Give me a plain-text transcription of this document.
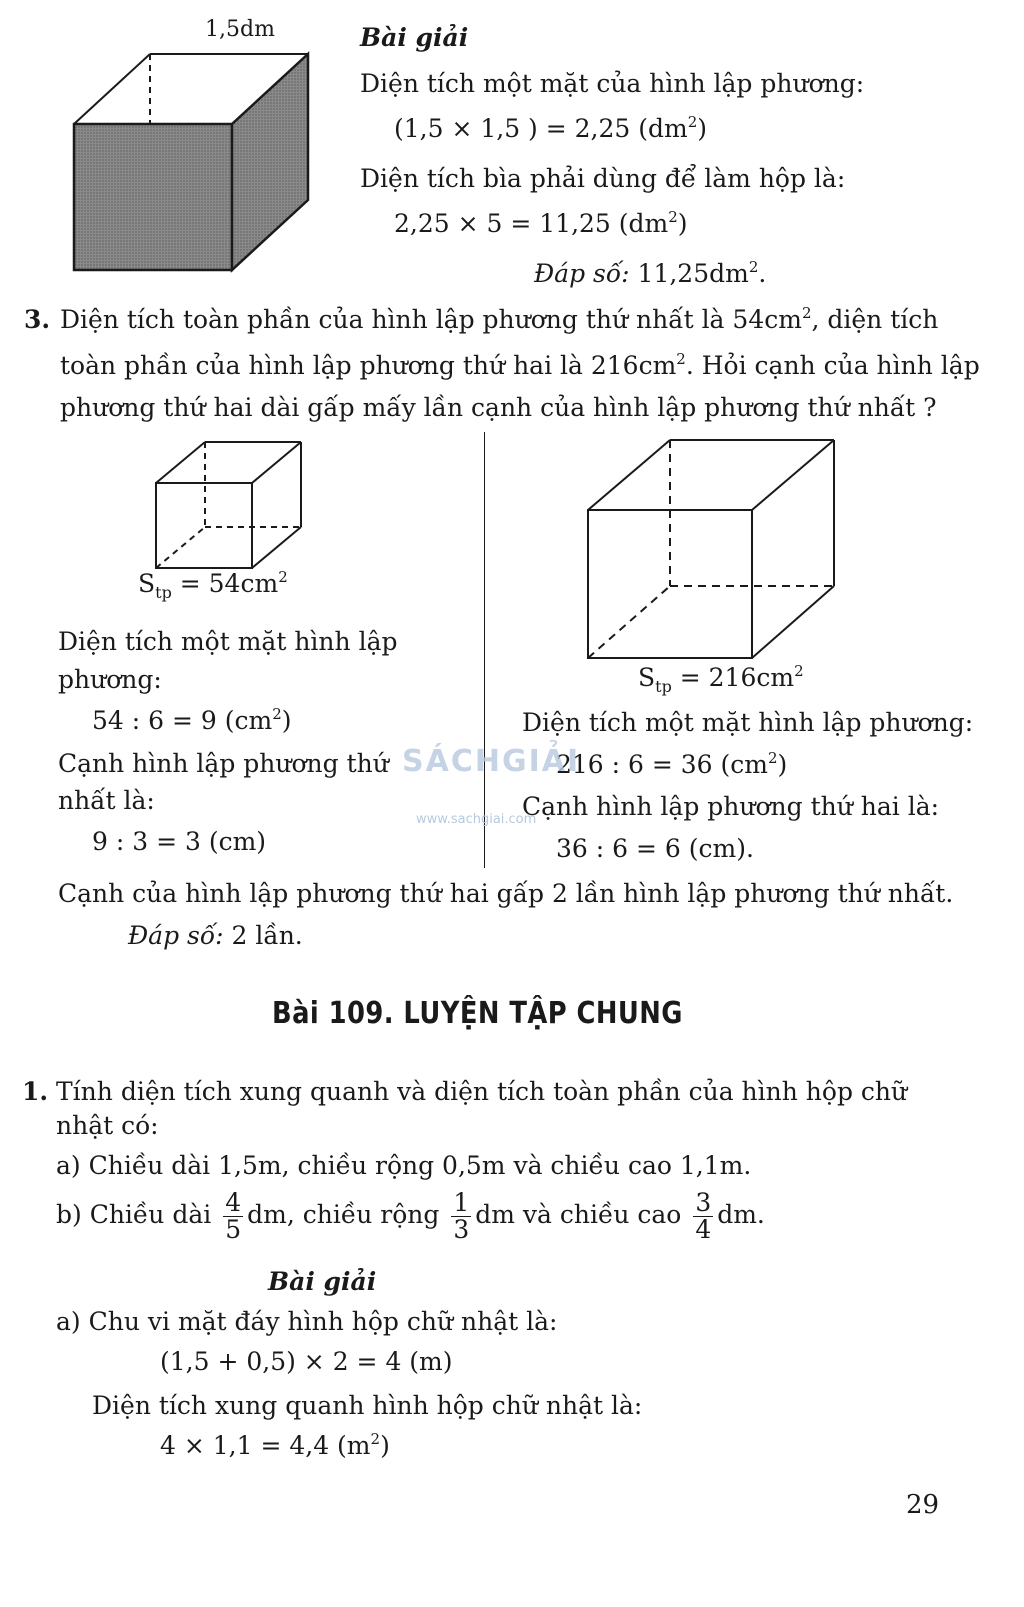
1,5dm	Bài giải
Diện tích một mặt của hình lập phương:
(1,5 × 1,5 ) = 2,25 $(dm^2)$
Diện tích bìa phải dùng để làm hộp là:
2,25 × 5 = 11,25 $(dm^2)$
Đáp số: $11,25dm^2$.
3. Diện tích toàn phần của hình lập phương thứ nhất là $54cm^2$, diện tích
toàn phần của hình lập phương thứ hai là $216cm^2$. Hỏi cạnh của hình lập
phương thứ hai dài gấp mấy lần cạnh của hình lập phương thứ nhất ?
$S_{tp} = 54cm^2$
$S_{tp} = 216cm^2$
Diện tích một mặt hình lập
phương:
54 : 6 = 9 $(cm^2)$
Cạnh hình lập phương thứ
nhất là:
9 : 3 = 3 (cm)
Diện tích một mặt hình lập phương:
216 : 6 = 36 $(cm^2)$
Cạnh hình lập phương thứ hai là:
36 : 6 = 6 (cm).
SÁCHGIẢI
www.sachgiai.com
Cạnh của hình lập phương thứ hai gấp 2 lần hình lập phương thứ nhất.
Đáp số: 2 lần.
Bài 109. LUYỆN TẬP CHUNG
1. Tính diện tích xung quanh và diện tích toàn phần của hình hộp chữ
nhật có:
a) Chiều dài 1,5m, chiều rộng 0,5m và chiều cao 1,1m.
b) Chiều dài $\frac{4}{5}$ dm, chiều rộng $\frac{1}{3}$ dm và chiều cao $\frac{3}{4}$ dm.
Bài giải
a) Chu vi mặt đáy hình hộp chữ nhật là:
(1,5 + 0,5) × 2 = 4 (m)
Diện tích xung quanh hình hộp chữ nhật là:
4 × 1,1 = 4,4 $(m^2)$
29
